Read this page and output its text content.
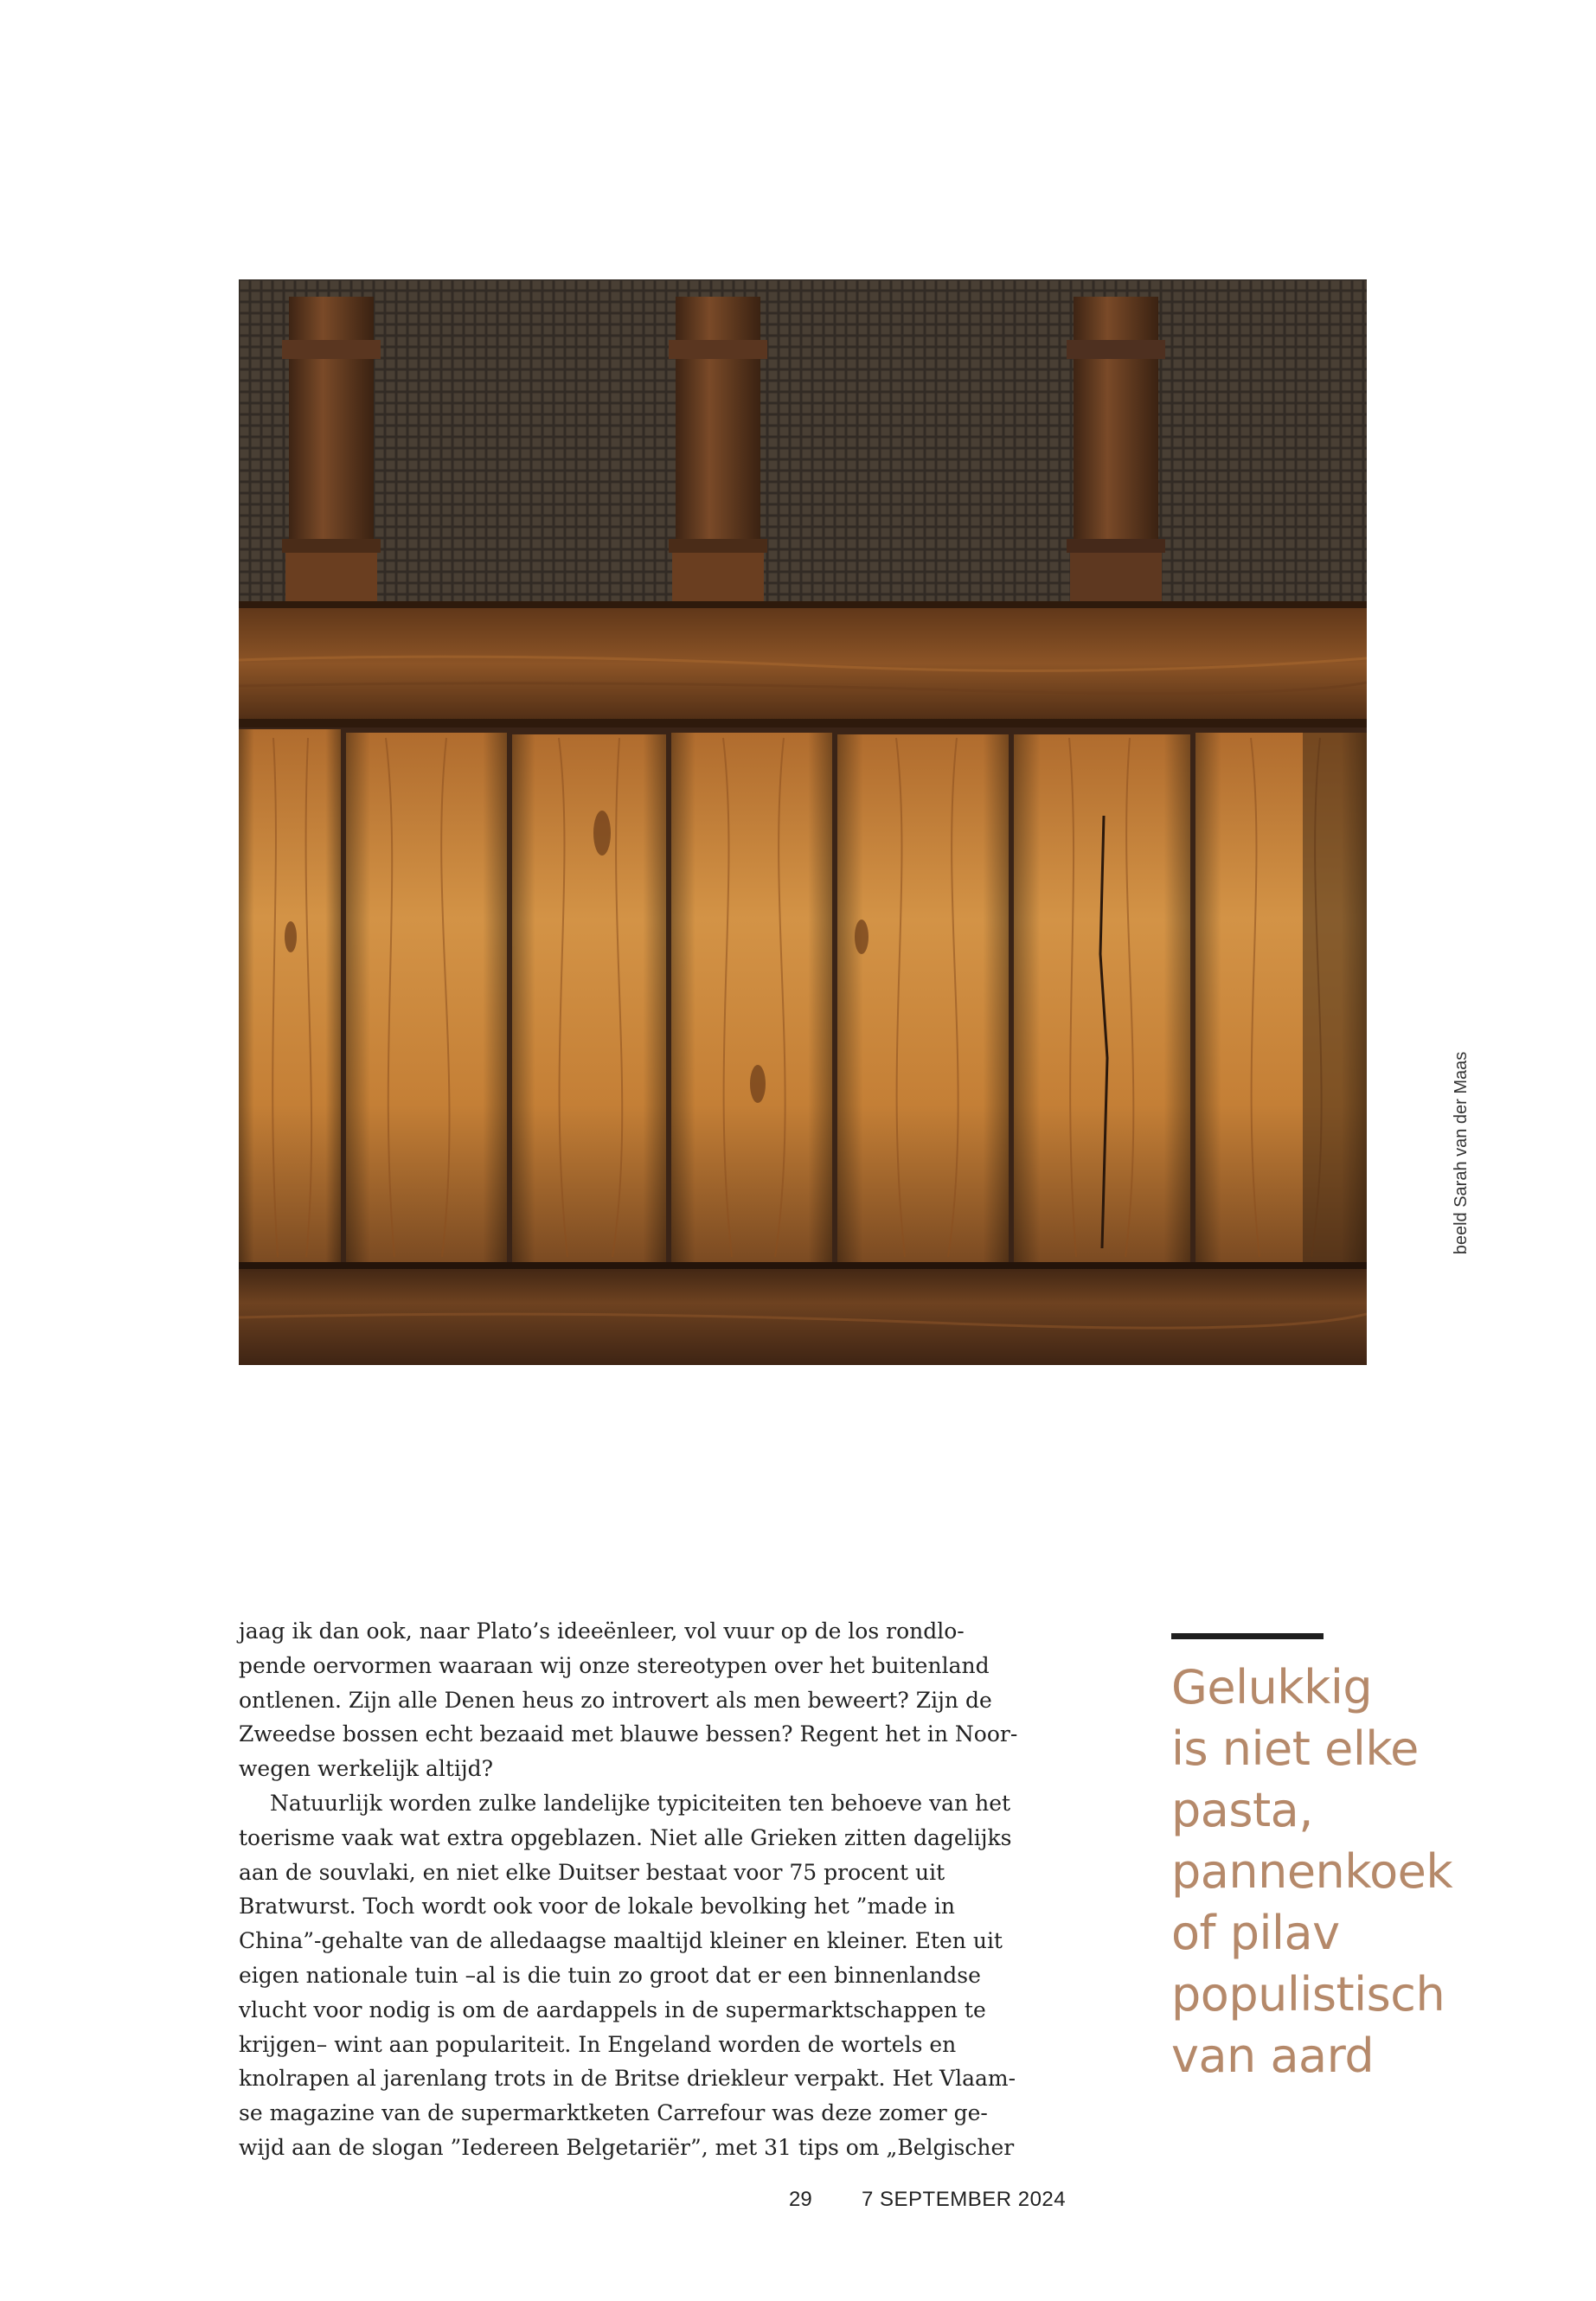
beeld Sarah van der Maas

jaag ik dan ook, naar Plato’s ideeënleer, vol vuur op de los rondlo- pende oervormen waaraan wij onze stereotypen over het buitenland ontlenen. Zijn alle Denen heus zo introvert als men beweert? Zijn de Zweedse bossen echt bezaaid met blauwe bessen? Regent het in Noor- wegen werkelijk altijd?

Natuurlijk worden zulke landelijke typiciteiten ten behoeve van het toerisme vaak wat extra opgeblazen. Niet alle Grieken zitten dagelijks aan de souvlaki, en niet elke Duitser bestaat voor 75 procent uit Bratwurst. Toch wordt ook voor de lokale bevolking het ”made in China”-gehalte van de alledaagse maaltijd kleiner en kleiner. Eten uit eigen nationale tuin –al is die tuin zo groot dat er een binnenlandse vlucht voor nodig is om de aardappels in de supermarktschappen te krijgen– wint aan populariteit. In Engeland worden de wortels en knolrapen al jarenlang trots in de Britse driekleur verpakt. Het Vlaam- se magazine van de supermarktketen Carrefour was deze zomer ge- wijd aan de slogan ”Iedereen Belgetariër”, met 31 tips om „Belgischer

Gelukkig
is niet elke
pasta,
pannenkoek
of pilav
populistisch
van aard
29 7 SEPTEMBER 2024
